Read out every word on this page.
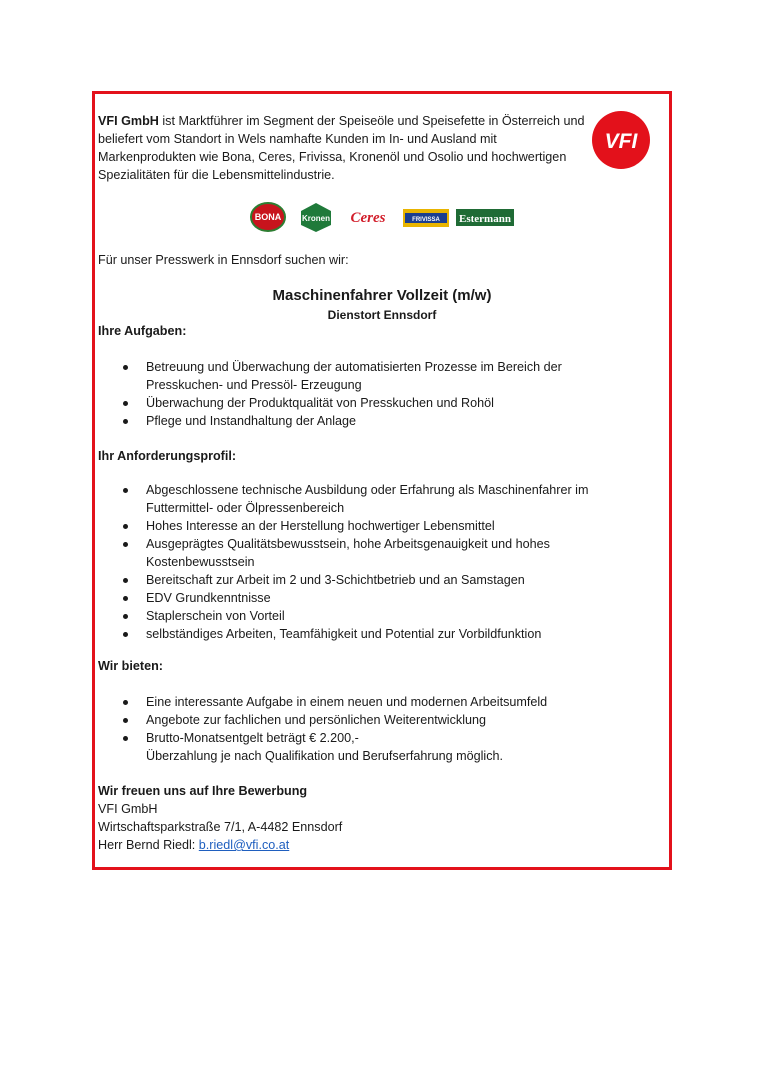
VFI GmbH ist Marktführer im Segment der Speiseöle und Speisefette in Österreich und beliefert vom Standort in Wels namhafte Kunden im In- und Ausland mit Markenprodukten wie Bona, Ceres, Frivissa, Kronenöl und Osolio und hochwertigen Spezialitäten für die Lebensmittelindustrie.

VFI
BONA	Kronen Ceres	FRIVISSA Estermann

Für unser Presswerk in Ennsdorf suchen wir:

Maschinenfahrer Vollzeit (m/w)
Dienstort Ennsdorf

Ihre Aufgaben:

Betreuung und Überwachung der automatisierten Prozesse im Bereich der
Presskuchen- und Pressöl- Erzeugung
Überwachung der Produktqualität von Presskuchen und Rohöl
Pflege und Instandhaltung der Anlage

Ihr Anforderungsprofil:

Abgeschlossene technische Ausbildung oder Erfahrung als Maschinenfahrer im
Futtermittel- oder Ölpressenbereich
Hohes Interesse an der Herstellung hochwertiger Lebensmittel
Ausgeprägtes Qualitätsbewusstsein, hohe Arbeitsgenauigkeit und hohes
Kostenbewusstsein
Bereitschaft zur Arbeit im 2 und 3-Schichtbetrieb und an Samstagen
EDV Grundkenntnisse
Staplerschein von Vorteil
selbständiges Arbeiten, Teamfähigkeit und Potential zur Vorbildfunktion

Wir bieten:

Eine interessante Aufgabe in einem neuen und modernen Arbeitsumfeld
Angebote zur fachlichen und persönlichen Weiterentwicklung
Brutto-Monatsentgelt beträgt € 2.200,-
Überzahlung je nach Qualifikation und Berufserfahrung möglich.
Wir freuen uns auf Ihre Bewerbung
VFI GmbH
Wirtschaftsparkstraße 7/1, A-4482 Ennsdorf
Herr Bernd Riedl: b.riedl@vfi.co.at
